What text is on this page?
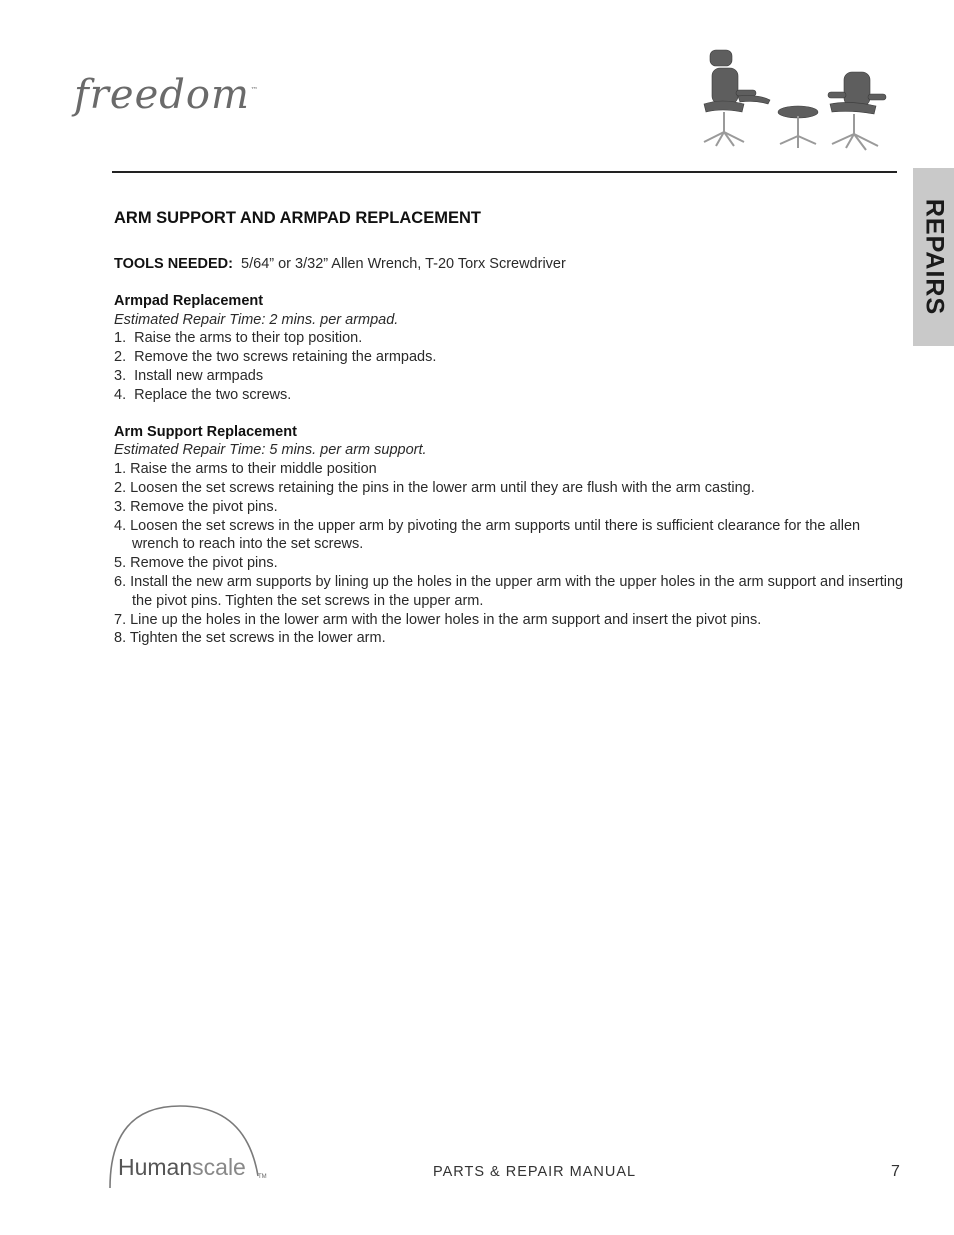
freedom™
REPAIRS
ARM SUPPORT AND ARMPAD REPLACEMENT
TOOLS NEEDED: 5/64” or 3/32” Allen Wrench, T-20 Torx Screwdriver
Armpad Replacement
Estimated Repair Time: 2 mins. per armpad.
1.  Raise the arms to their top position.
2.  Remove the two screws retaining the armpads.
3.  Install new armpads
4.  Replace the two screws.
Arm Support Replacement
Estimated Repair Time: 5 mins. per arm support.
1. Raise the arms to their middle position
2. Loosen the set screws retaining the pins in the lower arm until they are flush with the arm casting.
3. Remove the pivot pins.
4. Loosen the set screws in the upper arm by pivoting the arm supports until there is sufficient clearance for the allen wrench to reach into the set screws.
5. Remove the pivot pins.
6. Install the new arm supports by lining up the holes in the upper arm with the upper holes in the arm support and inserting the pivot pins. Tighten the set screws in the upper arm.
7. Line up the holes in the lower arm with the lower holes in the arm support and insert the pivot pins.
8. Tighten the set screws in the lower arm.
Humanscale TM	PARTS & REPAIR MANUAL	7
